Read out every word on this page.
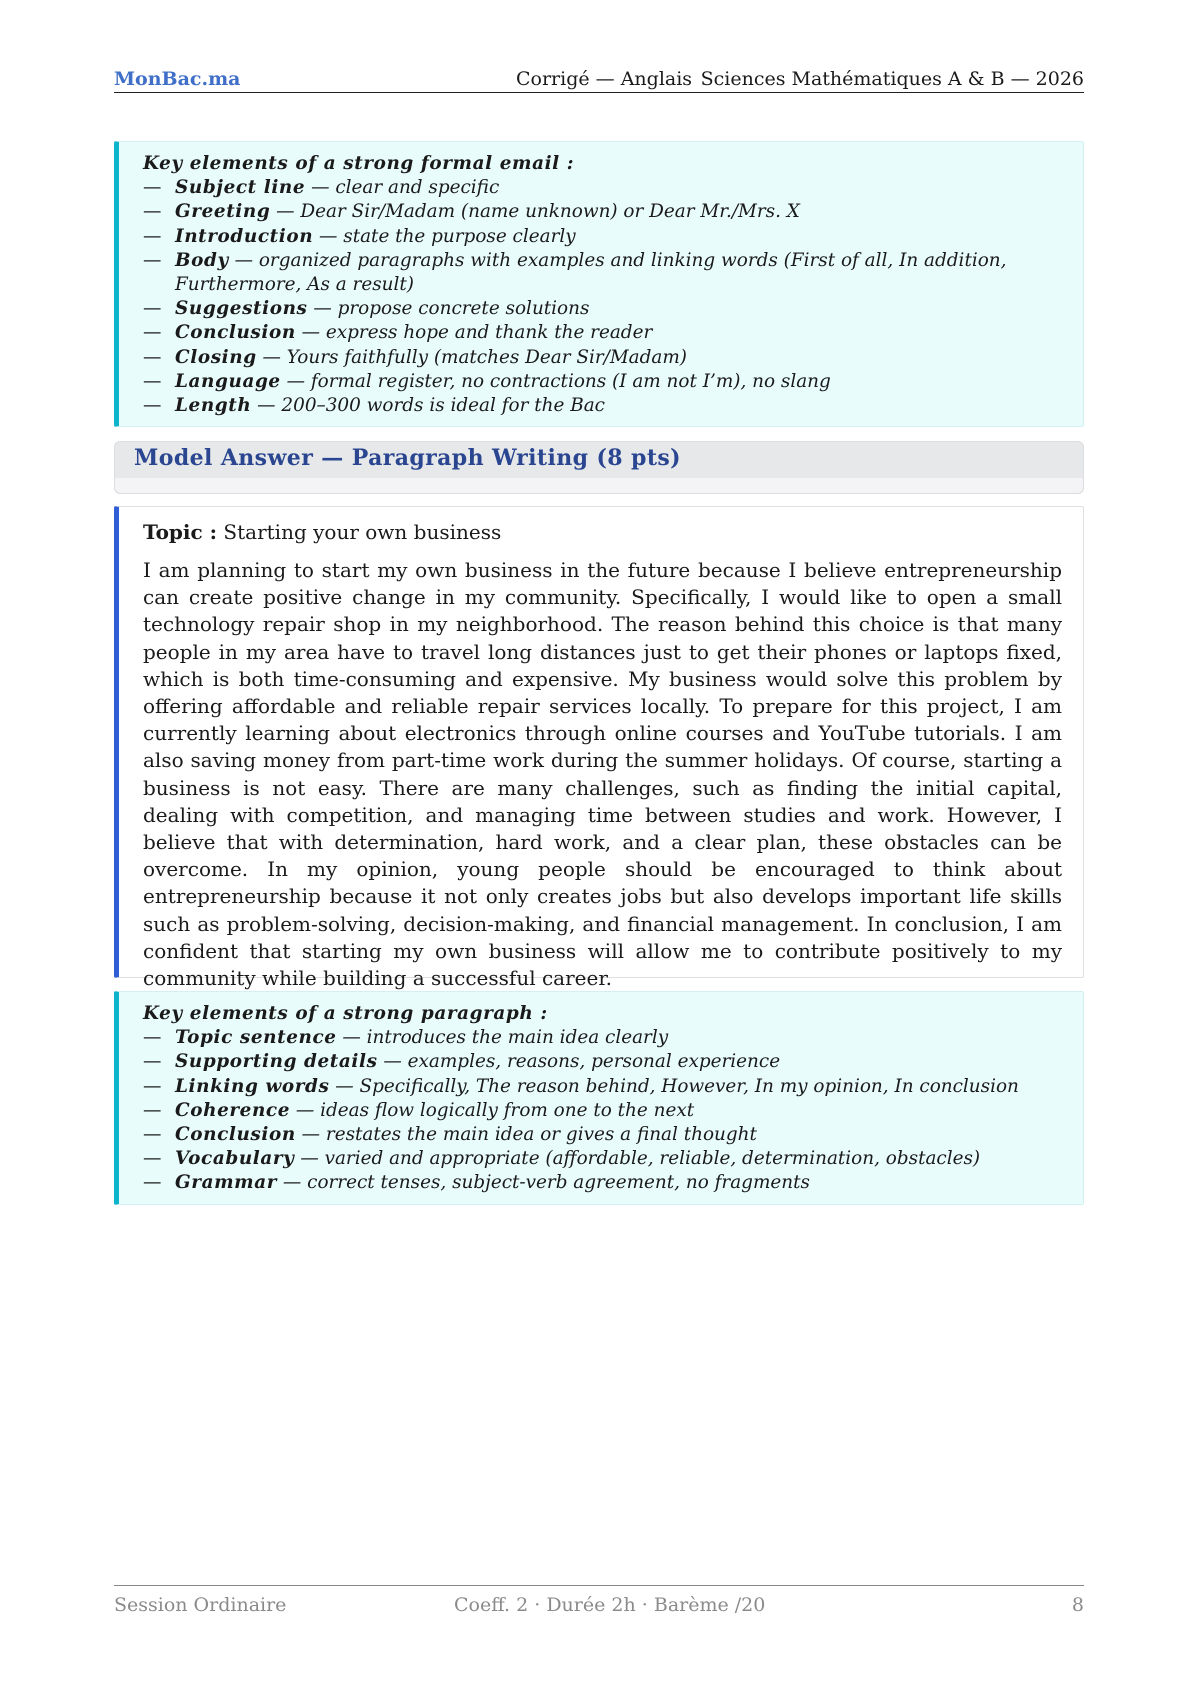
MonBac.ma	Corrigé — Anglais Sciences Mathématiques A & B — 2026
Key elements of a strong formal email :
— Subject line — clear and specific
— Greeting — Dear Sir/Madam (name unknown) or Dear Mr./Mrs. X
— Introduction — state the purpose clearly
— Body — organized paragraphs with examples and linking words (First of all, In addition, Furthermore, As a result)
— Suggestions — propose concrete solutions
— Conclusion — express hope and thank the reader
— Closing — Yours faithfully (matches Dear Sir/Madam)
— Language — formal register, no contractions (I am not I’m), no slang
— Length — 200–300 words is ideal for the Bac
Model Answer — Paragraph Writing (8 pts)
Topic : Starting your own business
I am planning to start my own business in the future because I believe entrepreneurship can create positive change in my community. Specifically, I would like to open a small technology repair shop in my neighborhood. The reason behind this choice is that many people in my area have to travel long distances just to get their phones or laptops fixed, which is both time-consuming and expensive. My business would solve this problem by offering affordable and reliable repair services locally. To prepare for this project, I am currently learning about electronics through online courses and YouTube tutorials. I am also saving money from part-time work during the summer holidays. Of course, starting a business is not easy. There are many challenges, such as finding the initial capital, dealing with competition, and managing time between studies and work. However, I believe that with determination, hard work, and a clear plan, these obstacles can be overcome. In my opinion, young people should be encouraged to think about entrepreneurship because it not only creates jobs but also develops important life skills such as problem-solving, decision-making, and financial management. In conclusion, I am confident that starting my own business will allow me to contribute positively to my community while building a successful career.
Key elements of a strong paragraph :
— Topic sentence — introduces the main idea clearly
— Supporting details — examples, reasons, personal experience
— Linking words — Specifically, The reason behind, However, In my opinion, In conclusion
— Coherence — ideas flow logically from one to the next
— Conclusion — restates the main idea or gives a final thought
— Vocabulary — varied and appropriate (affordable, reliable, determination, obstacles)
— Grammar — correct tenses, subject-verb agreement, no fragments
Session Ordinaire	Coeff. 2 · Durée 2h · Barème /20	8
